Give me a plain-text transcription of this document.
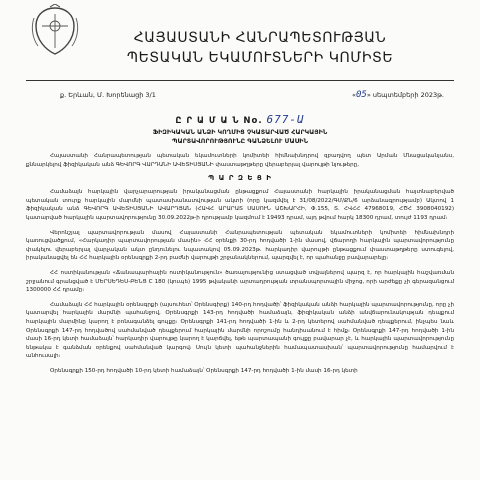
ՀԱՅԱՍՏԱՆԻ ՀԱՆՐԱՊԵՏՈՒԹՅԱՆ
ՊԵՏԱԿԱՆ ԵԿԱՄՈՒՏՆԵՐԻ ԿՈՄԻՏԵ
ք. Երևան, Մ. Խորենացի 3/1	«05» սեպտեմբերի 2023թ.
Ը Ր Ա Մ Ա Ն No. 677-Ա
ՖԻԶԻԿԱԿԱՆ ԱՆՁԻ ԿՈՂՄԻՑ ՉԿԱՏԱՐՎԱԾ ՀԱՐԿԱՅԻՆ
ՊԱՐՏԱՎՈՐՈՒԹՅՈՒՆԸ ԳԱՆՁԵԼՈՒ ՄԱՍԻՆ

Հայաստանի Հանրապետության պետական եկամուտների կոմիտեի հիմնախնդրով զբաղվող պետ Արման Մնացականյանս, քննարկելով ֆիզիկական անձ ԳԵՎՈՐԳ ՎԱՐԴԱՆԻ ԱՎԵՏԻՍՅԱՆԻ փաստաթղթերը վերաբերյալ վարույթի նյութերը,

Պ Ա Ր Զ Ե Ց Ի

Համաձայն հարկային վարչարարության իրականացման ընթացքում Հայաստանի հարկային իրականացման հայտնաբերված պետական տուրք հարկային մարմնի պատասխանատվության ակտի (որը կազմվել է 31/08/2022/ԳՄ/ՔՆ/6 արձանագրությամբ) Ակտով 1 ֆիզիկական անձ ԳԵՎՈՐԳ ԱՎԵՏԻՍՅԱՆԻ ԱՎԱՐԴՅԱՆ (ՀԱՎՀ ԱՐԱՐԱՏ ՍԱՍՈՒՆ ԱՇԽԱՐՀԻ, Փ.155, Տ. ՀՎՀՀ 47968019, ՀԾՀ 3908040192) կատարված հարկային պարտավորությունը 30.09.2022թ-ի դրությամբ կազմում է 19493 դրամ, այդ թվում հարկ 18300 դրամ, տույժ 1193 դրամ։

Վերոնշյալ պարտավորության մասով Հայաստանի Հանրապետության պետական եկամուտների կոմիտեի հիմնախնդրի կառուցվածքում, «Հարկադիր պարտավորության մասին» ՀՀ օրենքի 30-րդ հոդվածի 1-ին մասով, վճարողի հարկային պարտավորությունը փակելու վերաբերյալ վարչական ակտ ընդունելու նպատակով 05.09.2023թ. հարկադիր վարույթի ընթացքում փաստաթղթերը ստուգելով, իրականացվել են ՀՀ հարկային օրենսգրքի 2-րդ բաժնի վարույթի շրջանակներում, պարզվել է, որ պահանջը բավարարելը։

ՀՀ ոստիկանության «Ճանապարհային ոստիկանություն» ծառայությունից ստացված տվյալներով պարզ է, որ հարկային հաշվառման շրջանում գրանցված է ՄԵՐՍԵԴԵՍ-ԲԵՆՑ C 180 (կուպե) 1995 թվականի արտադրության տրանսպորտային միջոց, որի արժեքը չի գերազանցում 1300000 ՀՀ դրամը։

Համաձայն ՀՀ հարկային օրենսգրքի (այսուհետ՝ Օրենսգիրք) 140-րդ հոդվածի՝ ֆիզիկական անձի հարկային պարտավորությունը, որը չի կատարվել հարկային մարմնի պահանջով, Օրենսգրքի 143-րդ հոդվածի համաձայն, ֆիզիկական անձի անվճարունակության դեպքում հարկային մարմինը կարող է բռնագանձել գույքը։ Օրենսգրքի 141-րդ հոդվածի 1-ին և 2-րդ կետերով սահմանված դեպքերում, ինչպես նաև Օրենսգրքի 147-րդ հոդվածով սահմանված դեպքերում հարկային մարմնի որոշումը հանդիսանում է հիմք։ Օրենսգրքի 147-րդ հոդվածի 1-ին մասի 16-րդ կետի համաձայն՝ հարկադիր վարույթը կարող է կարճվել, եթե պարտապանի գույքը բավարար չէ, և հարկային պարտավորությունը ենթակա է գանձման օրենքով սահմանված կարգով։ Սույն կետի պահանջներին համապատասխան՝ պարտավորությունը համարվում է անհուսալի։

Օրենսգրքի 150-րդ հոդվածի 10-րդ կետի համաձայն՝ Օրենսգրքի 147-րդ հոդվածի 1-ին մասի 16-րդ կետի
